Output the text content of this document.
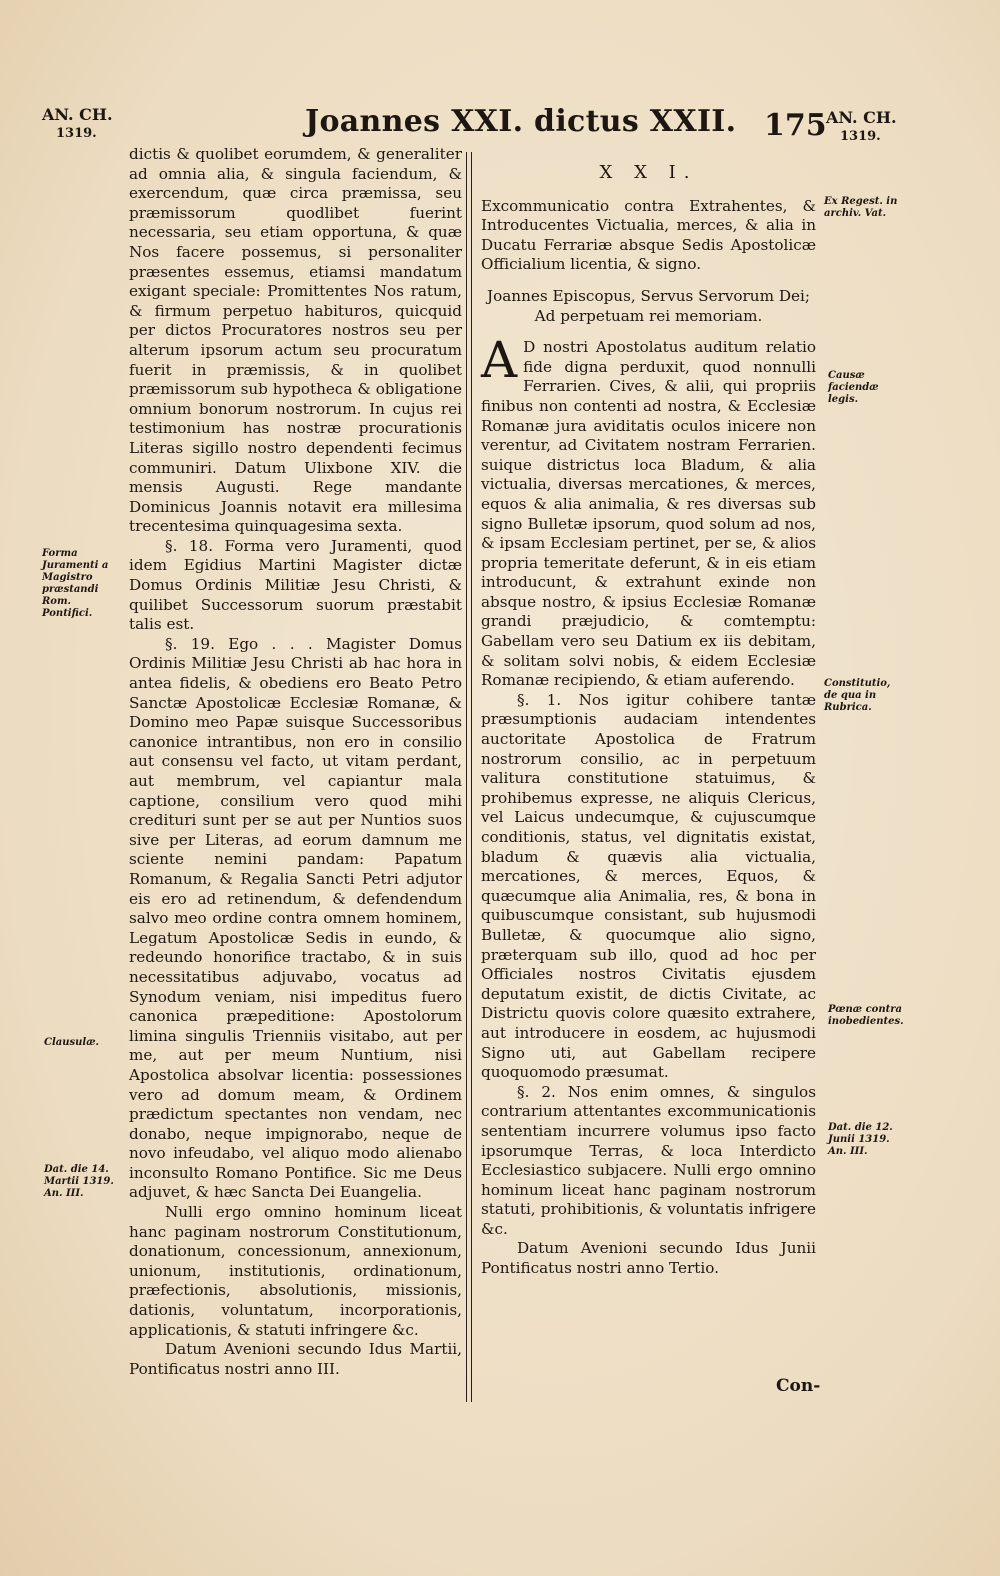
AN. CH.
1319.	Joannes XXI. dictus XXII. 175 AN. CH.
1319.

dictis & quolibet eorumdem, & generaliter ad omnia alia, & singula faciendum, & exercendum, quæ circa præmissa, seu præmissorum quodlibet fuerint necessaria, seu etiam opportuna, & quæ Nos facere possemus, si personaliter præsentes essemus, etiamsi mandatum exigant speciale: Promittentes Nos ratum, & firmum perpetuo habituros, quicquid per dictos Procuratores nostros seu per alterum ipsorum actum seu procuratum fuerit in præmissis, & in quolibet præmissorum sub hypotheca & obligatione omnium bonorum nostrorum. In cujus rei testimonium has nostræ procurationis Literas sigillo nostro dependenti fecimus communiri. Datum Ulixbone XIV. die mensis Augusti. Rege mandante Dominicus Joannis notavit era millesima trecentesima quinquagesima sexta.

§. 18. Forma vero Juramenti, quod idem Egidius Martini Magister dictæ Domus Ordinis Militiæ Jesu Christi, & quilibet Successorum suorum præstabit talis est.

§. 19. Ego . . . Magister Domus Ordinis Militiæ Jesu Christi ab hac hora in antea fidelis, & obediens ero Beato Petro Sanctæ Apostolicæ Ecclesiæ Romanæ, & Domino meo Papæ suisque Successoribus canonice intrantibus, non ero in consilio aut consensu vel facto, ut vitam perdant, aut membrum, vel capiantur mala captione, consilium vero quod mihi credituri sunt per se aut per Nuntios suos sive per Literas, ad eorum damnum me sciente nemini pandam: Papatum Romanum, & Regalia Sancti Petri adjutor eis ero ad retinendum, & defendendum salvo meo ordine contra omnem hominem, Legatum Apostolicæ Sedis in eundo, & redeundo honorifice tractabo, & in suis necessitatibus adjuvabo, vocatus ad Synodum veniam, nisi impeditus fuero canonica præpeditione: Apostolorum limina singulis Trienniis visitabo, aut per me, aut per meum Nuntium, nisi Apostolica absolvar licentia: possessiones vero ad domum meam, & Ordinem prædictum spectantes non vendam, nec donabo, neque impignorabo, neque de novo infeudabo, vel aliquo modo alienabo inconsulto Romano Pontifice. Sic me Deus adjuvet, & hæc Sancta Dei Euangelia.

Nulli ergo omnino hominum liceat hanc paginam nostrorum Constitutionum, donationum, concessionum, annexionum, unionum, institutionis, ordinationum, præfectionis, absolutionis, missionis, dationis, voluntatum, incorporationis, applicationis, & statuti infringere &c.

Datum Avenioni secundo Idus Martii, Pontificatus nostri anno III.

X X I.

Excommunicatio contra Extrahentes, & Introducentes Victualia, merces, & alia in Ducatu Ferrariæ absque Sedis Apostolicæ Officialium licentia, & signo.

Joannes Episcopus, Servus Servorum Dei; Ad perpetuam rei memoriam.

AD nostri Apostolatus auditum relatio fide digna perduxit, quod nonnulli Ferrarien. Cives, & alii, qui propriis finibus non contenti ad nostra, & Ecclesiæ Romanæ jura aviditatis oculos inicere non verentur, ad Civitatem nostram Ferrarien. suique districtus loca Bladum, & alia victualia, diversas mercationes, & merces, equos & alia animalia, & res diversas sub signo Bulletæ ipsorum, quod solum ad nos, & ipsam Ecclesiam pertinet, per se, & alios propria temeritate deferunt, & in eis etiam introducunt, & extrahunt exinde non absque nostro, & ipsius Ecclesiæ Romanæ grandi præjudicio, & comtemptu: Gabellam vero seu Datium ex iis debitam, & solitam solvi nobis, & eidem Ecclesiæ Romanæ recipiendo, & etiam auferendo.

§. 1. Nos igitur cohibere tantæ præsumptionis audaciam intendentes auctoritate Apostolica de Fratrum nostrorum consilio, ac in perpetuum valitura constitutione statuimus, & prohibemus expresse, ne aliquis Clericus, vel Laicus undecumque, & cujuscumque conditionis, status, vel dignitatis existat, bladum & quævis alia victualia, mercationes, & merces, Equos, & quæcumque alia Animalia, res, & bona in quibuscumque consistant, sub hujusmodi Bulletæ, & quocumque alio signo, præterquam sub illo, quod ad hoc per Officiales nostros Civitatis ejusdem deputatum existit, de dictis Civitate, ac Districtu quovis colore quæsito extrahere, aut introducere in eosdem, ac hujusmodi Signo uti, aut Gabellam recipere quoquomodo præsumat.

§. 2. Nos enim omnes, & singulos contrarium attentantes excommunicationis sententiam incurrere volumus ipso facto ipsorumque Terras, & loca Interdicto Ecclesiastico subjacere. Nulli ergo omnino hominum liceat hanc paginam nostrorum statuti, prohibitionis, & voluntatis infrigere &c.

Datum Avenioni secundo Idus Junii Pontificatus nostri anno Tertio.

Forma Juramenti a Magistro præstandi Rom. Pontifici.
Clausulæ.
Dat. die 14. Martii 1319. An. III.
Ex Regest. in archiv. Vat.
Causæ faciendæ legis.
Constitutio, de qua in Rubrica.
Pœnæ contra inobedientes.
Dat. die 12. Junii 1319. An. III.
Con-
